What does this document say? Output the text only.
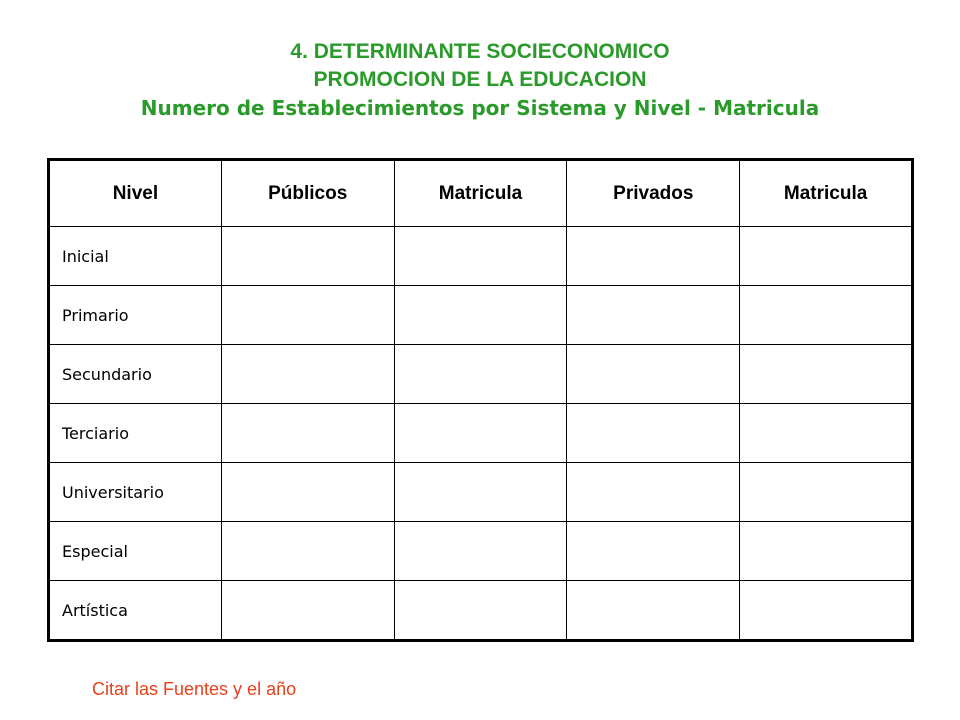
4. DETERMINANTE SOCIECONOMICO
PROMOCION DE LA EDUCACION
Numero de Establecimientos por Sistema y Nivel - Matricula
Nivel	Públicos	Matricula	Privados	Matricula
Inicial				
Primario				
Secundario				
Terciario				
Universitario				
Especial				
Artística				
Citar las Fuentes y el año
